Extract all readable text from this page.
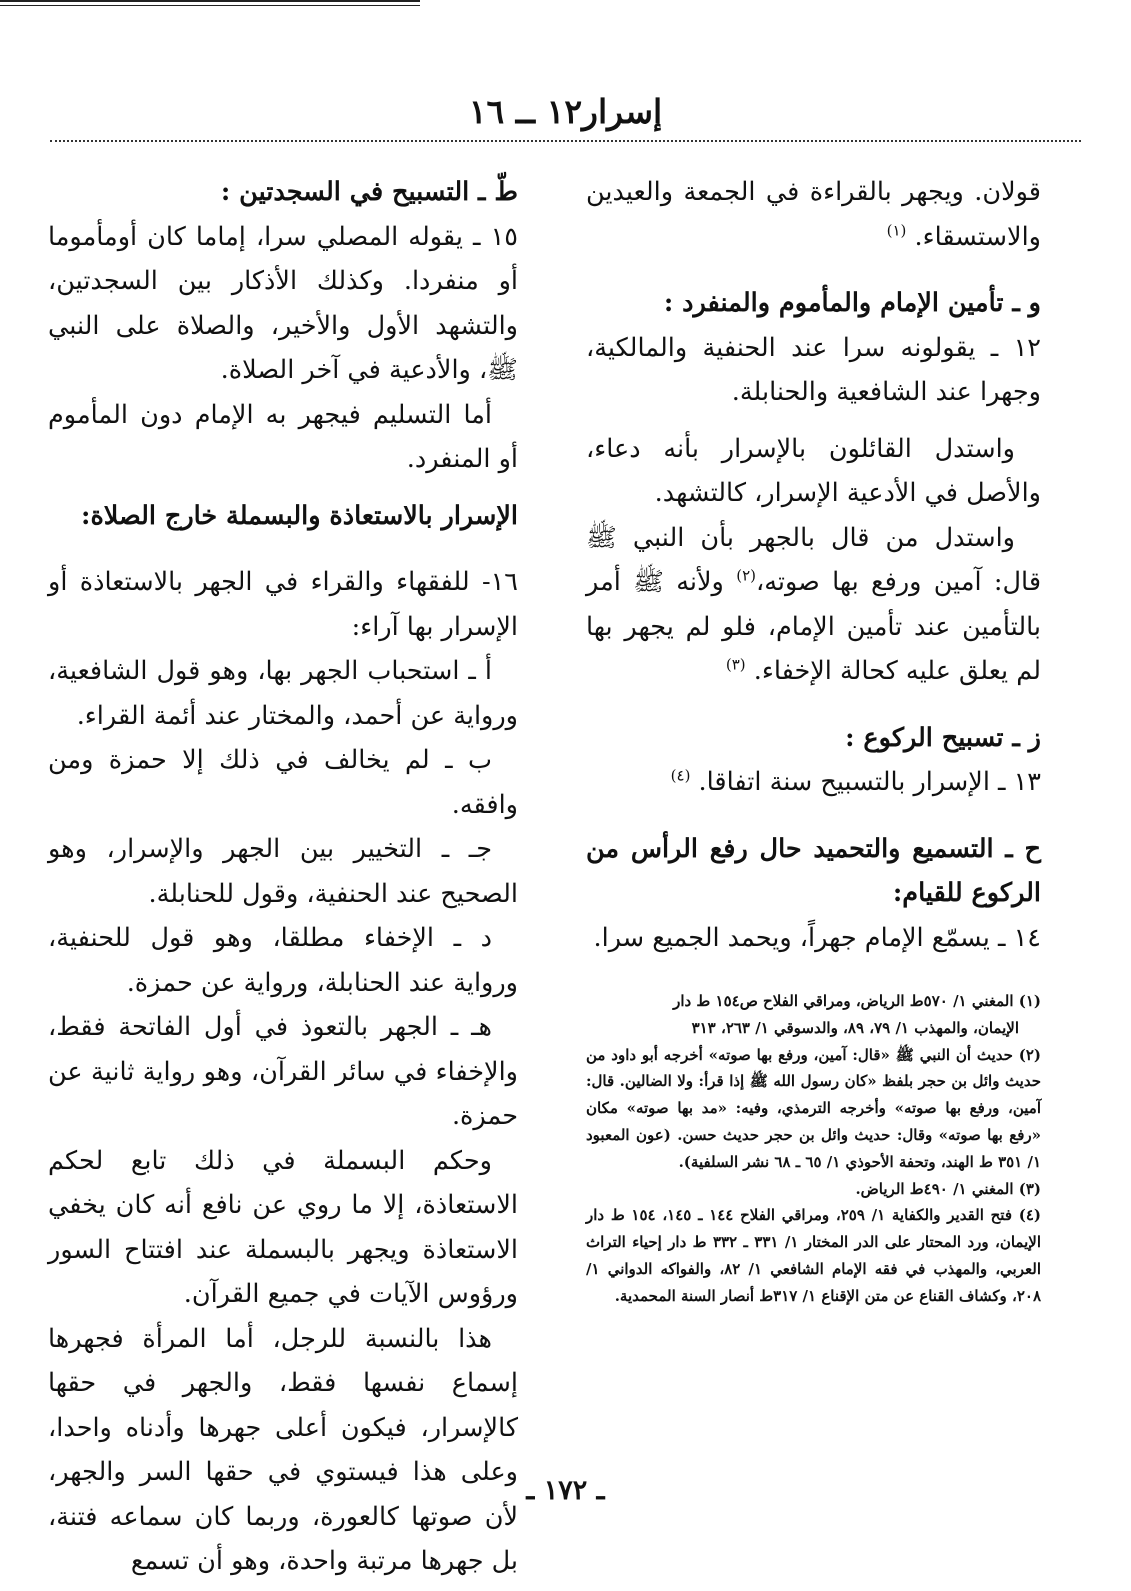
إسرار١٢ ــ ١٦

قولان. ويجهر بالقراءة في الجمعة والعيدين والاستسقاء. $^{(١)}$

و ـ تأمين الإمام والمأموم والمنفرد :

١٢ ـ يقولونه سرا عند الحنفية والمالكية، وجهرا عند الشافعية والحنابلة.

واستدل القائلون بالإسرار بأنه دعاء، والأصل في الأدعية الإسرار، كالتشهد.

واستدل من قال بالجهر بأن النبي ﷺ قال: آمين ورفع بها صوته،$^{(٢)}$ ولأنه ﷺ أمر بالتأمين عند تأمين الإمام، فلو لم يجهر بها لم يعلق عليه كحالة الإخفاء. $^{(٣)}$

ز ـ تسبيح الركوع :

١٣ ـ الإسرار بالتسبيح سنة اتفاقا. $^{(٤)}$

ح ـ التسميع والتحميد حال رفع الرأس من الركوع للقيام:

١٤ ـ يسمّع الإمام جهراً، ويحمد الجميع سرا.

(١) المغني ١/ ٥٧٠ط الرياض، ومراقي الفلاح ص١٥٤ ط دار

الإيمان، والمهذب ١/ ٧٩، ٨٩، والدسوقي ١/ ٢٦٣، ٣١٣

(٢) حديث أن النبي ﷺ «قال: آمين، ورفع بها صوته» أخرجه أبو داود من حديث وائل بن حجر بلفظ «كان رسول الله ﷺ إذا قرأ: ولا الضالين. قال: آمين، ورفع بها صوته» وأخرجه الترمذي، وفيه: «مد بها صوته» مكان «رفع بها صوته» وقال: حديث وائل بن حجر حديث حسن. (عون المعبود ١/ ٣٥١ ط الهند، وتحفة الأحوذي ١/ ٦٥ ـ ٦٨ نشر السلفية).

(٣) المغني ١/ ٤٩٠ط الرياض.

(٤) فتح القدير والكفاية ١/ ٢٥٩، ومراقي الفلاح ١٤٤ ـ ١٤٥، ١٥٤ ط دار الإيمان، ورد المحتار على الدر المختار ١/ ٣٣١ ـ ٣٣٢ ط دار إحياء التراث العربي، والمهذب في فقه الإمام الشافعي ١/ ٨٢، والفواكه الدواني ١/ ٢٠٨، وكشاف القناع عن متن الإقناع ١/ ٣١٧ط أنصار السنة المحمدية.

طّ ـ التسبيح في السجدتين :

١٥ ـ يقوله المصلي سرا، إماما كان أومأموما أو منفردا. وكذلك الأذكار بين السجدتين، والتشهد الأول والأخير، والصلاة على النبي ﷺ، والأدعية في آخر الصلاة.

أما التسليم فيجهر به الإمام دون المأموم أو المنفرد.

الإسرار بالاستعاذة والبسملة خارج الصلاة:

١٦- للفقهاء والقراء في الجهر بالاستعاذة أو الإسرار بها آراء:

أ ـ استحباب الجهر بها، وهو قول الشافعية، ورواية عن أحمد، والمختار عند أئمة القراء.

ب ـ لم يخالف في ذلك إلا حمزة ومن وافقه.

جـ ـ التخيير بين الجهر والإسرار، وهو الصحيح عند الحنفية، وقول للحنابلة.

د ـ الإخفاء مطلقا، وهو قول للحنفية، ورواية عند الحنابلة، ورواية عن حمزة.

هـ ـ الجهر بالتعوذ في أول الفاتحة فقط، والإخفاء في سائر القرآن، وهو رواية ثانية عن حمزة.

وحكم البسملة في ذلك تابع لحكم الاستعاذة، إلا ما روي عن نافع أنه كان يخفي الاستعاذة ويجهر بالبسملة عند افتتاح السور ورؤوس الآيات في جميع القرآن.

هذا بالنسبة للرجل، أما المرأة فجهرها إسماع نفسها فقط، والجهر في حقها كالإسرار، فيكون أعلى جهرها وأدناه واحدا، وعلى هذا فيستوي في حقها السر والجهر، لأن صوتها كالعورة، وربما كان سماعه فتنة، بل جهرها مرتبة واحدة، وهو أن تسمع

ـ ١٧٢ ـ
